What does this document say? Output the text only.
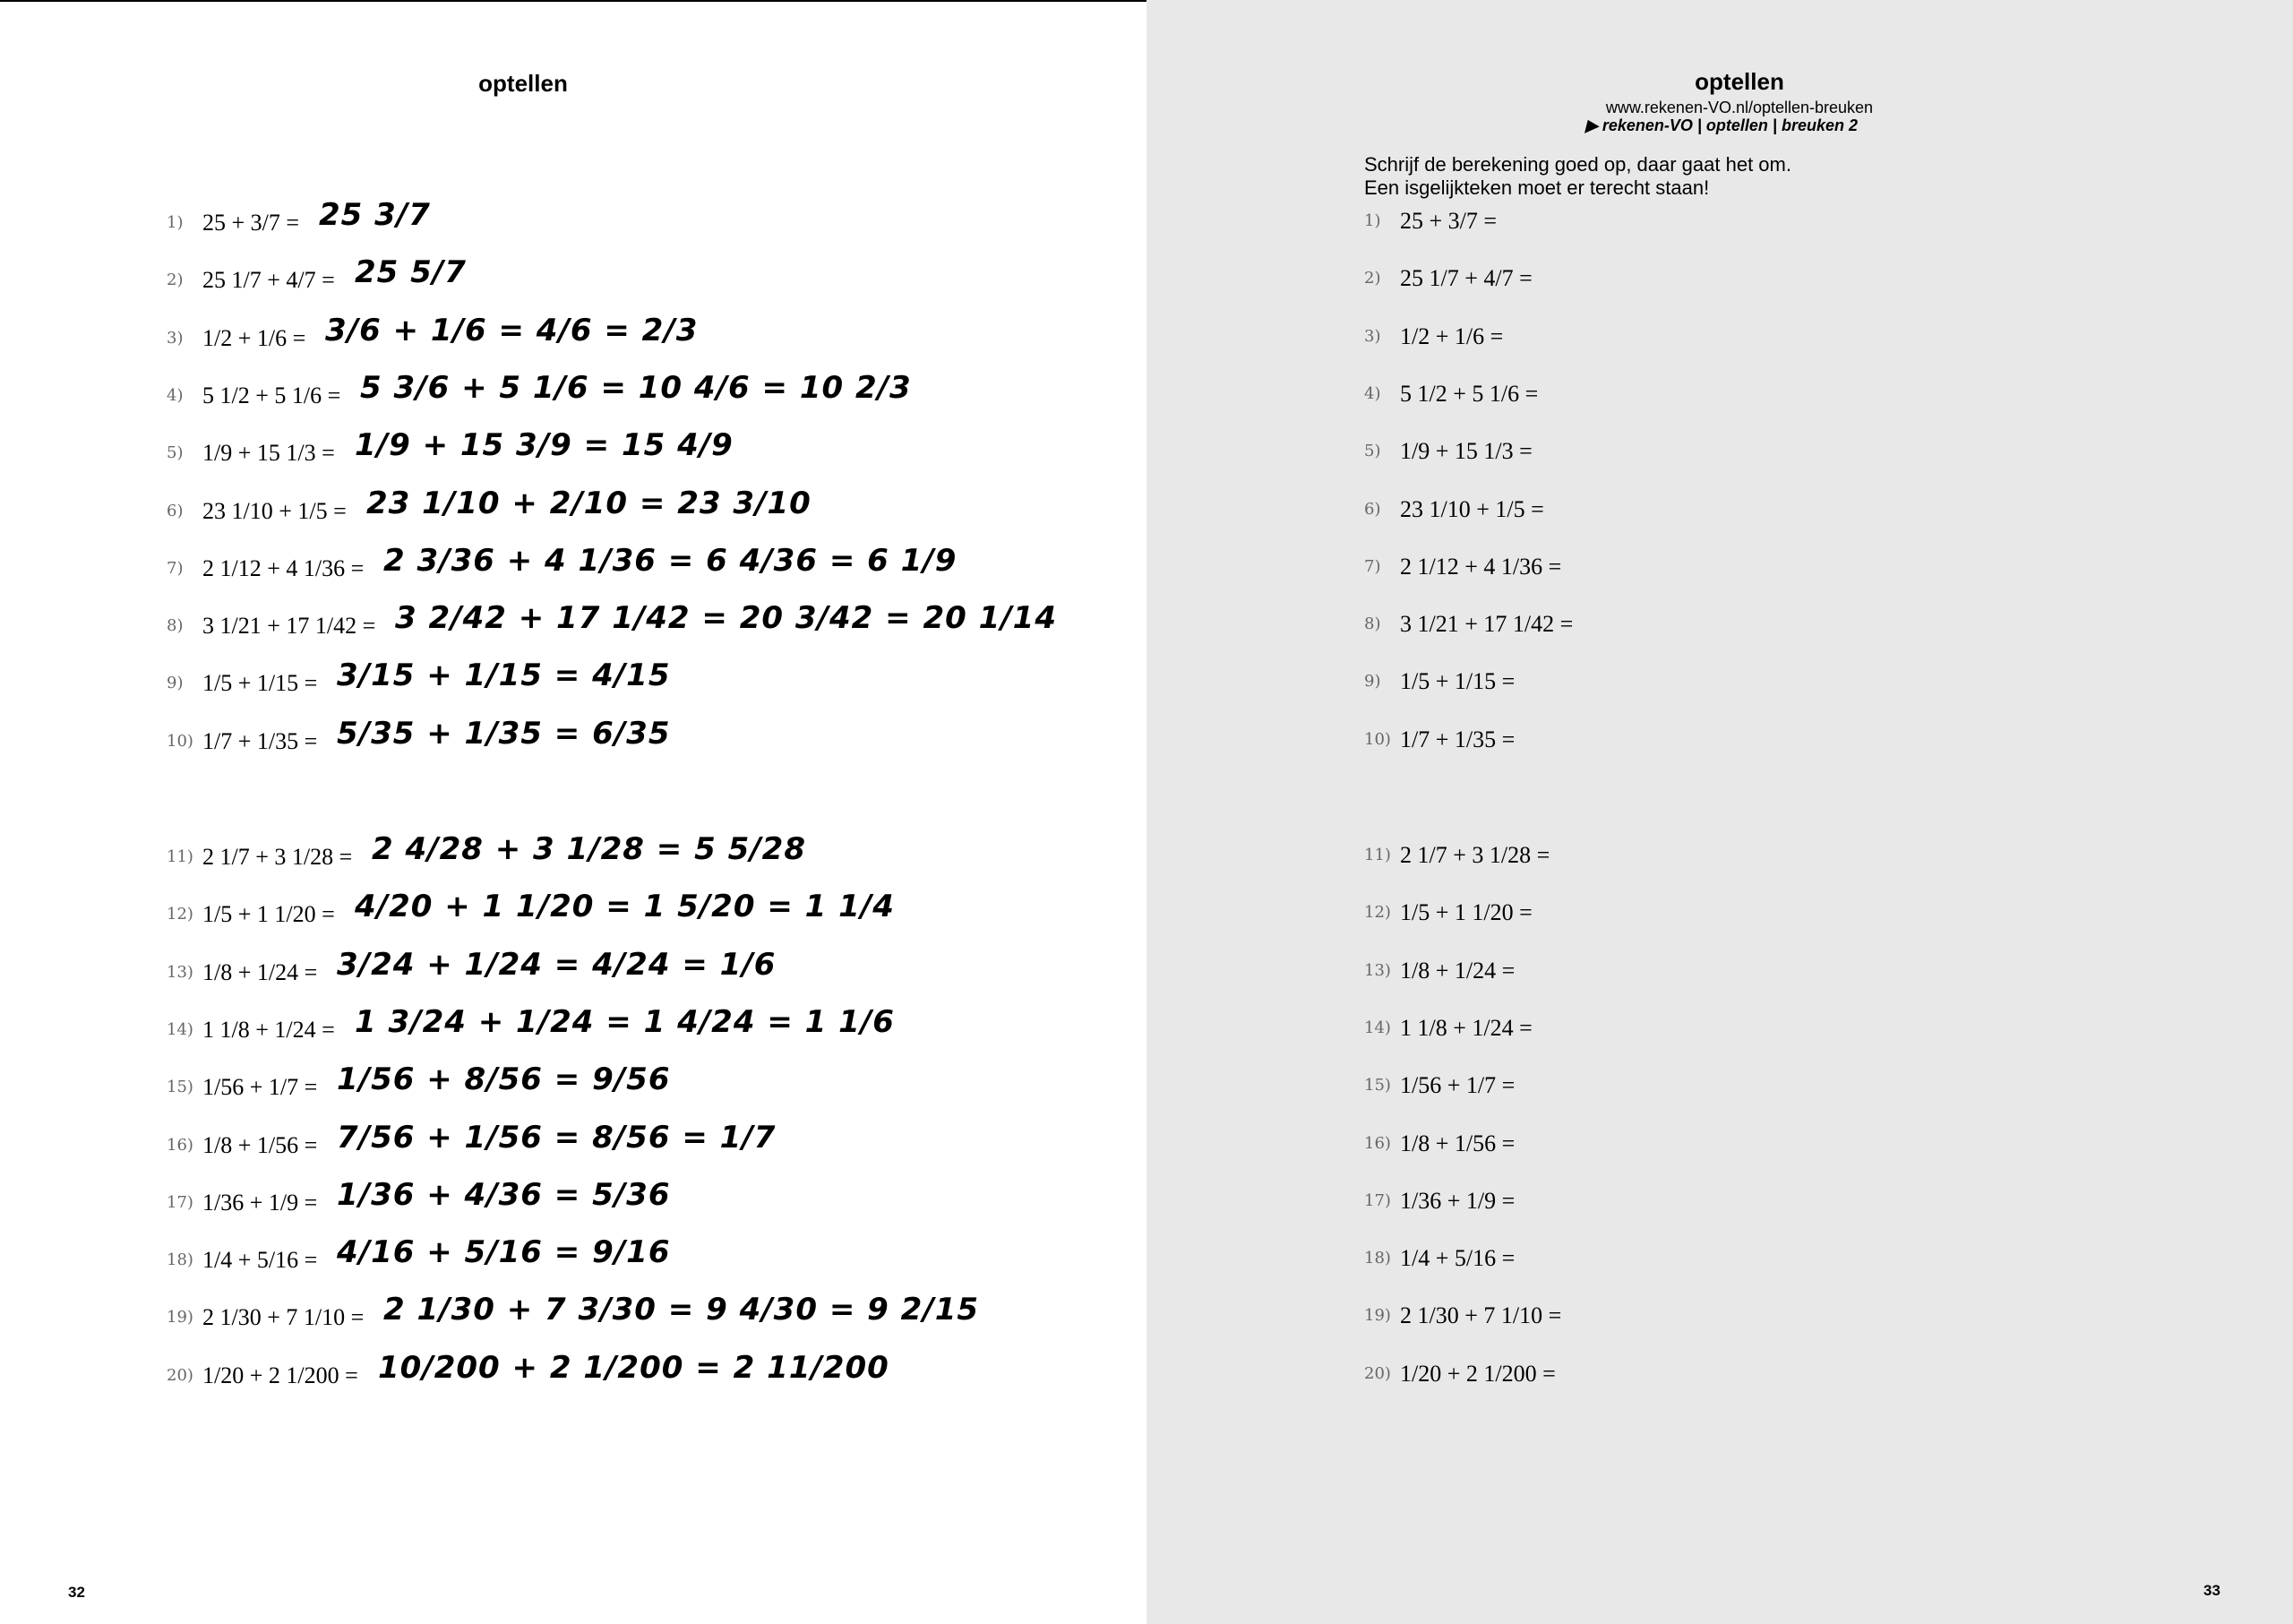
optellen
1) 25 + 3/7 = 25 3/7
2) 25 1/7 + 4/7 = 25 5/7
3) 1/2 + 1/6 = 3/6 + 1/6 = 4/6 = 2/3
4) 5 1/2 + 5 1/6 = 5 3/6 + 5 1/6 = 10 4/6 = 10 2/3
5) 1/9 + 15 1/3 = 1/9 + 15 3/9 = 15 4/9
6) 23 1/10 + 1/5 = 23 1/10 + 2/10 = 23 3/10
7) 2 1/12 + 4 1/36 = 2 3/36 + 4 1/36 = 6 4/36 = 6 1/9
8) 3 1/21 + 17 1/42 = 3 2/42 + 17 1/42 = 20 3/42 = 20 1/14
9) 1/5 + 1/15 = 3/15 + 1/15 = 4/15
10) 1/7 + 1/35 = 5/35 + 1/35 = 6/35
11) 2 1/7 + 3 1/28 = 2 4/28 + 3 1/28 = 5 5/28
12) 1/5 + 1 1/20 = 4/20 + 1 1/20 = 1 5/20 = 1 1/4
13) 1/8 + 1/24 = 3/24 + 1/24 = 4/24 = 1/6
14) 1 1/8 + 1/24 = 1 3/24 + 1/24 = 1 4/24 = 1 1/6
15) 1/56 + 1/7 = 1/56 + 8/56 = 9/56
16) 1/8 + 1/56 = 7/56 + 1/56 = 8/56 = 1/7
17) 1/36 + 1/9 = 1/36 + 4/36 = 5/36
18) 1/4 + 5/16 = 4/16 + 5/16 = 9/16
19) 2 1/30 + 7 1/10 = 2 1/30 + 7 3/30 = 9 4/30 = 9 2/15
20) 1/20 + 2 1/200 = 10/200 + 2 1/200 = 2 11/200
32
optellen
www.rekenen-VO.nl/optellen-breuken
▶ rekenen-VO | optellen | breuken 2
Schrijf de berekening goed op, daar gaat het om.
Een isgelijkteken moet er terecht staan!
1) 25 + 3/7 =
2) 25 1/7 + 4/7 =
3) 1/2 + 1/6 =
4) 5 1/2 + 5 1/6 =
5) 1/9 + 15 1/3 =
6) 23 1/10 + 1/5 =
7) 2 1/12 + 4 1/36 =
8) 3 1/21 + 17 1/42 =
9) 1/5 + 1/15 =
10) 1/7 + 1/35 =
11) 2 1/7 + 3 1/28 =
12) 1/5 + 1 1/20 =
13) 1/8 + 1/24 =
14) 1 1/8 + 1/24 =
15) 1/56 + 1/7 =
16) 1/8 + 1/56 =
17) 1/36 + 1/9 =
18) 1/4 + 5/16 =
19) 2 1/30 + 7 1/10 =
20) 1/20 + 2 1/200 =
33
